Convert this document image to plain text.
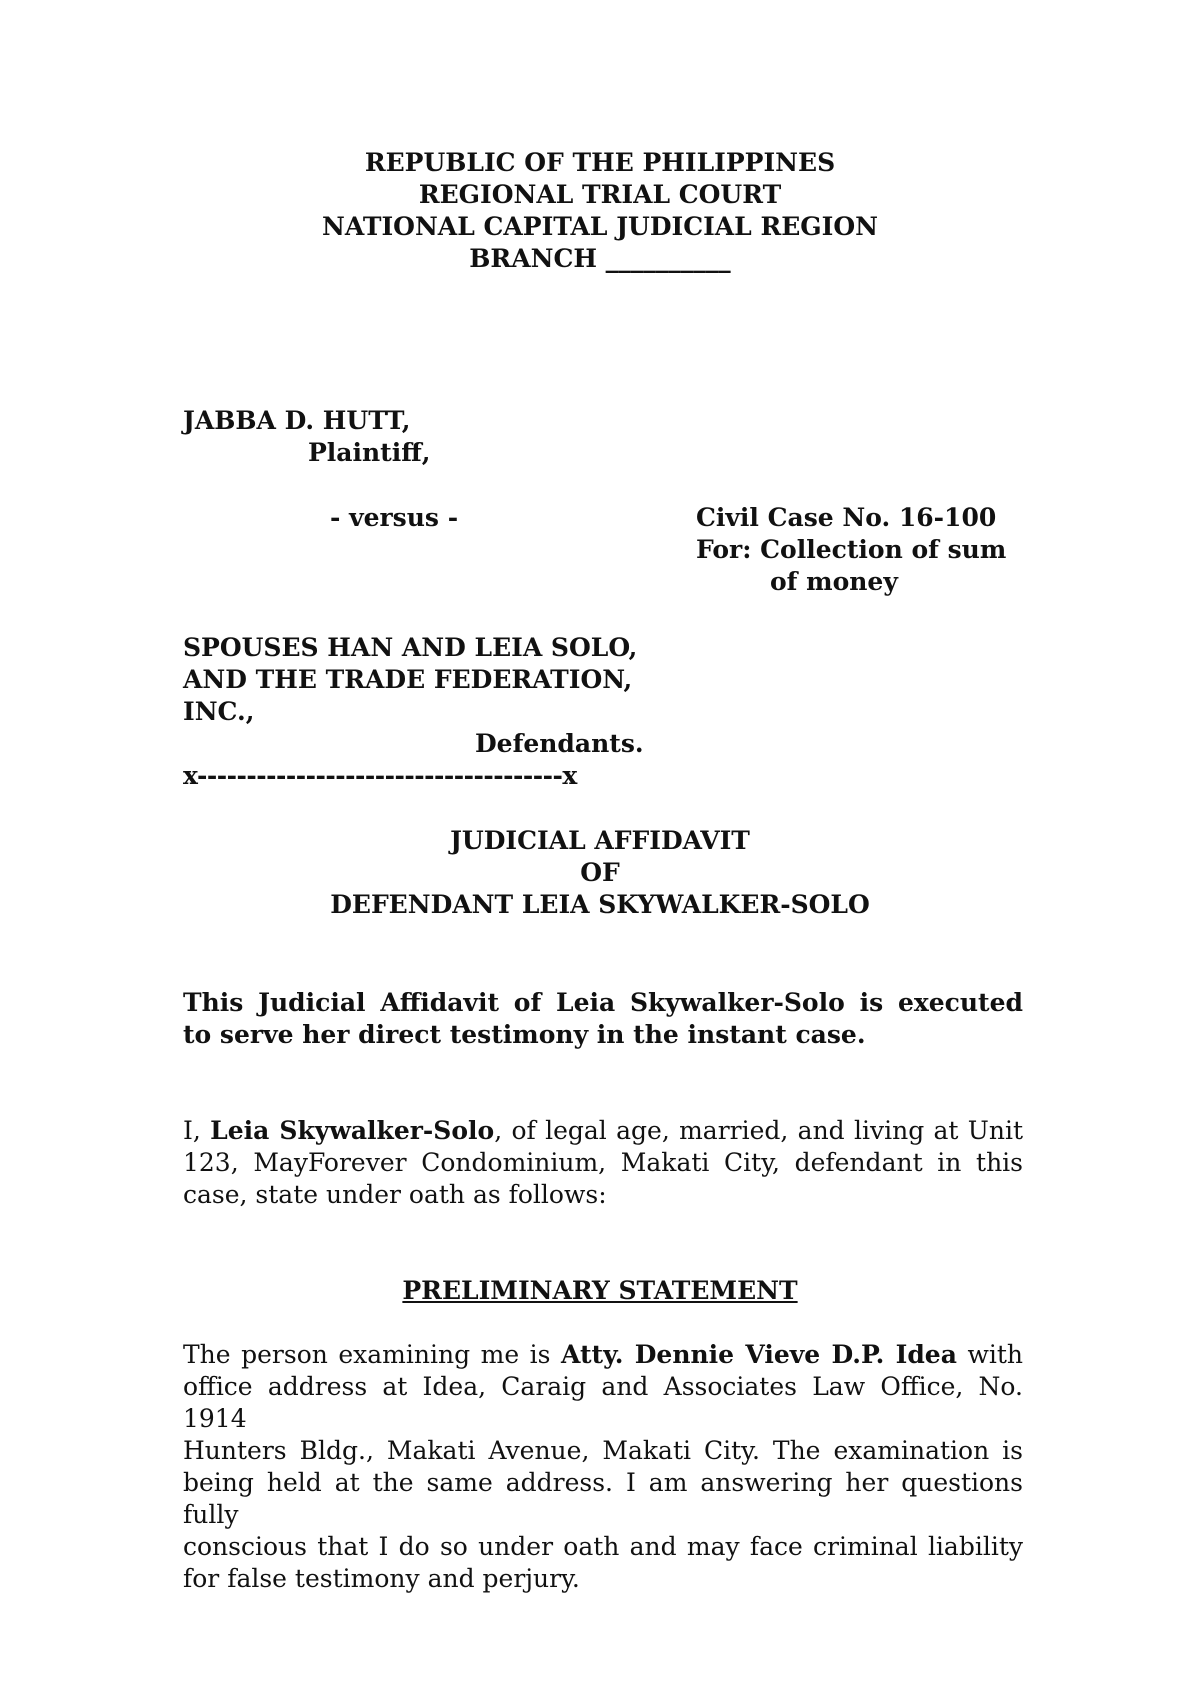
REPUBLIC OF THE PHILIPPINES
REGIONAL TRIAL COURT
NATIONAL CAPITAL JUDICIAL REGION
BRANCH __________
JABBA D. HUTT,
Plaintiff,
- versus -	Civil Case No. 16-100
For: Collection of sum
of money
SPOUSES HAN AND LEIA SOLO,
AND THE TRADE FEDERATION,
INC.,
Defendants.
x-------------------------------------x
JUDICIAL AFFIDAVIT
OF
DEFENDANT LEIA SKYWALKER-SOLO
This Judicial Affidavit of Leia Skywalker-Solo is executed
to serve her direct testimony in the instant case.
I, Leia Skywalker-Solo, of legal age, married, and living at Unit
123, MayForever Condominium, Makati City, defendant in this
case, state under oath as follows:
PRELIMINARY STATEMENT
The person examining me is Atty. Dennie Vieve D.P. Idea with
office address at Idea, Caraig and Associates Law Office, No. 1914
Hunters Bldg., Makati Avenue, Makati City. The examination is
being held at the same address. I am answering her questions fully
conscious that I do so under oath and may face criminal liability
for false testimony and perjury.
